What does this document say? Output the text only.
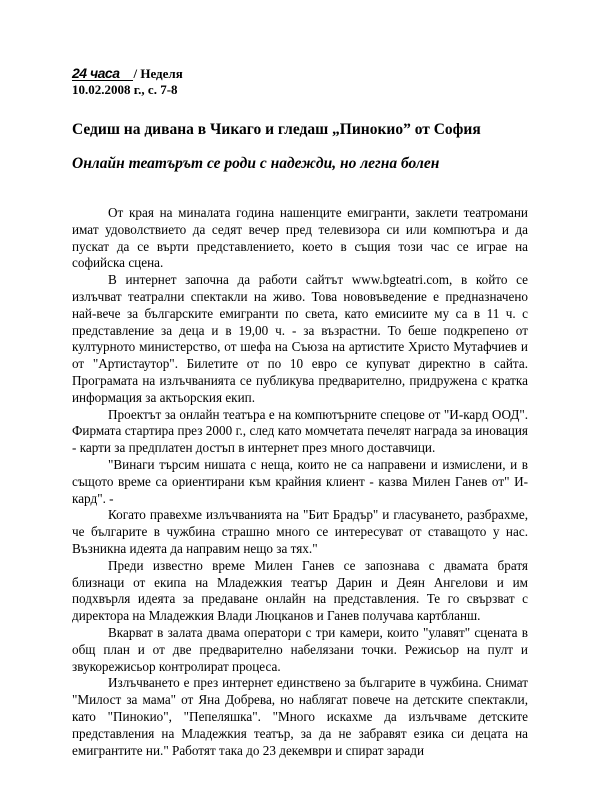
24 часа / Неделя
10.02.2008 г., с. 7-8
Седиш на дивана в Чикаго и гледаш „Пинокио” от София
Онлайн театърът се роди с надежди, но легна болен

От края на миналата година нашенците емигранти, заклети театромани имат удоволствието да седят вечер пред телевизора си или компютъра и да пускат да се върти представлението, което в същия този час се играе на софийска сцена.

В интернет започна да работи сайтът www.bgteatri.com, в който се излъчват театрални спектакли на живо. Това нововъведение е предназначено най-вече за българските емигранти по света, като емисиите му са в 11 ч. с представление за деца и в 19,00 ч. - за възрастни. То беше подкрепено от културното министерство, от шефа на Съюза на артистите Христо Мутафчиев и от "Артистаутор". Билетите от по 10 евро се купуват директно в сайта. Програмата на излъчванията се публикува предварително, придружена с кратка информация за актьорския екип.

Проектът за онлайн театъра е на компютърните спецове от "И-кард ООД". Фирмата стартира през 2000 г., след като момчетата печелят награда за иновация - карти за предплатен достъп в интернет през много доставчици.

"Винаги търсим нишата с неща, които не са направени и измислени, и в същото време са ориентирани към крайния клиент - казва Милен Ганев от" И-кард". -

Когато правехме излъчванията на "Бит Брадър" и гласуването, разбрахме, че българите в чужбина страшно много се интересуват от ставащото у нас. Възникна идеята да направим нещо за тях."

Преди известно време Милен Ганев се запознава с двамата братя близнаци от екипа на Младежкия театър Дарин и Деян Ангелови и им подхвърля идеята за предаване онлайн на представления. Те го свързват с директора на Младежкия Влади Люцканов и Ганев получава картбланш.

Вкарват в залата двама оператори с три камери, които "улавят" сцената в общ план и от две предварително набелязани точки. Режисьор на пулт и звукорежисьор контролират процеса.

Излъчването е през интернет единствено за българите в чужбина. Снимат "Милост за мама" от Яна Добрева, но наблягат повече на детските спектакли, като "Пинокио", "Пепеляшка". "Много искахме да излъчваме детските представления на Младежкия театър, за да не забравят езика си децата на емигрантите ни." Работят така до 23 декември и спират заради
